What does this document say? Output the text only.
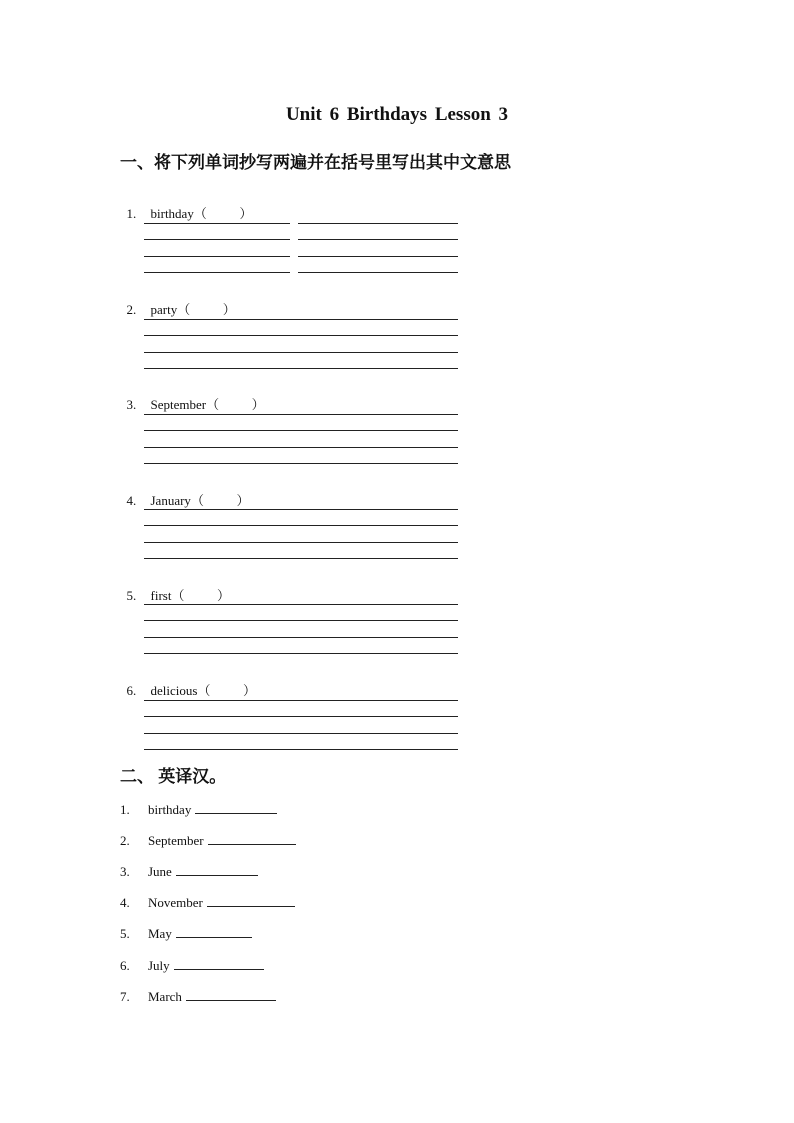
Unit 6 Birthdays Lesson 3
一、将下列单词抄写两遍并在括号里写出其中文意思

1. birthday（          ）

2. party（          ）

3. September（          ）

4. January（          ）

5. first（          ）

6. delicious（          ）

二、 英译汉。
1. birthday
2. September
3. June
4. November
5. May
6. July
7. March
